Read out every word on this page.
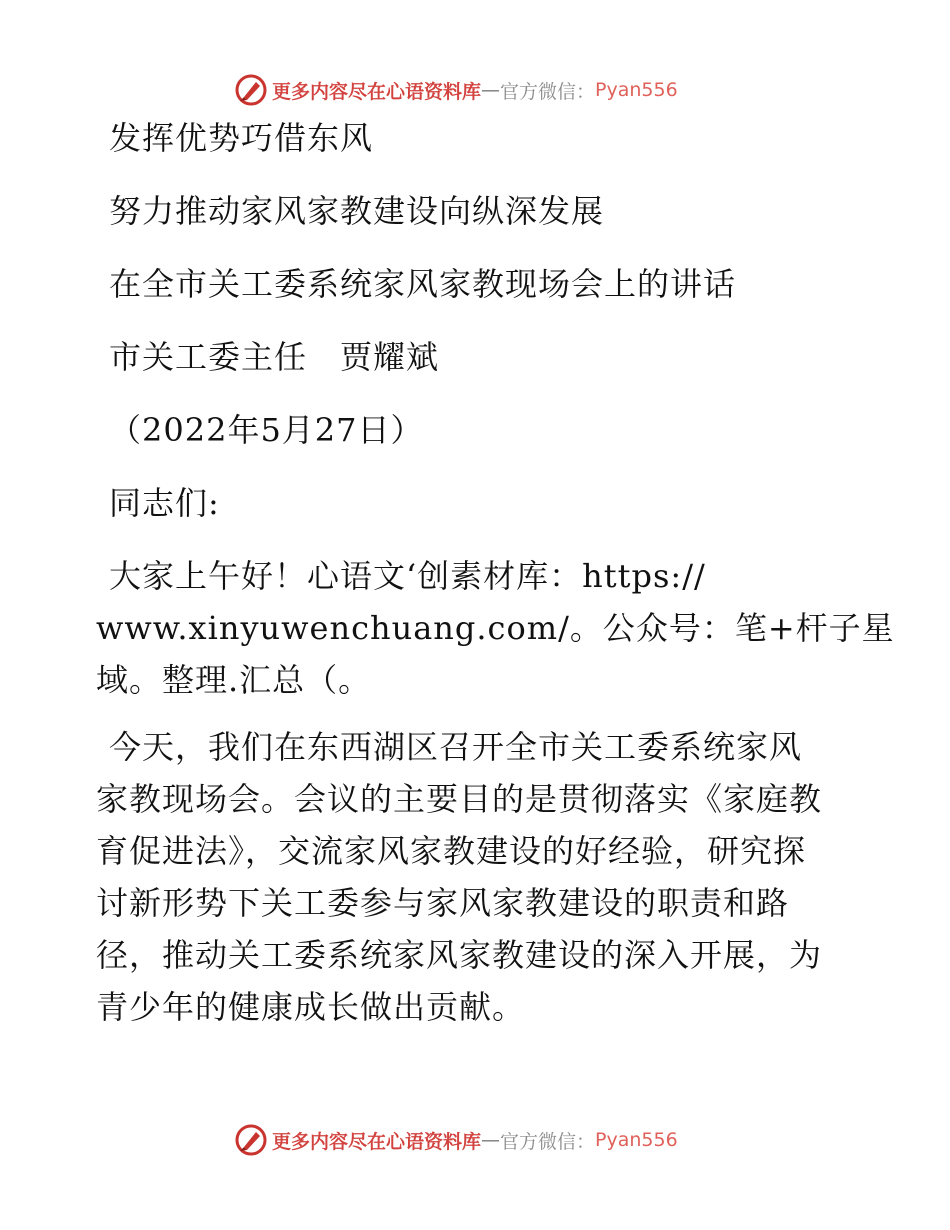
更多内容尽在心语资料库 — 官方微信： Pyan556
发挥优势巧借东风
努力推动家风家教建设向纵深发展
在全市关工委系统家风家教现场会上的讲话
市关工委主任　贾耀斌
（2022年5月27日）
同志们:
大家上午好！心语文ʻ创素材库：https://
www.xinyuwenchuang.com/。公众号：笔+杆子星
域。整理.汇总（。
今天，我们在东西湖区召开全市关工委系统家风
家教现场会。会议的主要目的是贯彻落实《家庭教
育促进法》，交流家风家教建设的好经验，研究探
讨新形势下关工委参与家风家教建设的职责和路
径，推动关工委系统家风家教建设的深入开展，为
青少年的健康成长做出贡献。
更多内容尽在心语资料库 — 官方微信： Pyan556
